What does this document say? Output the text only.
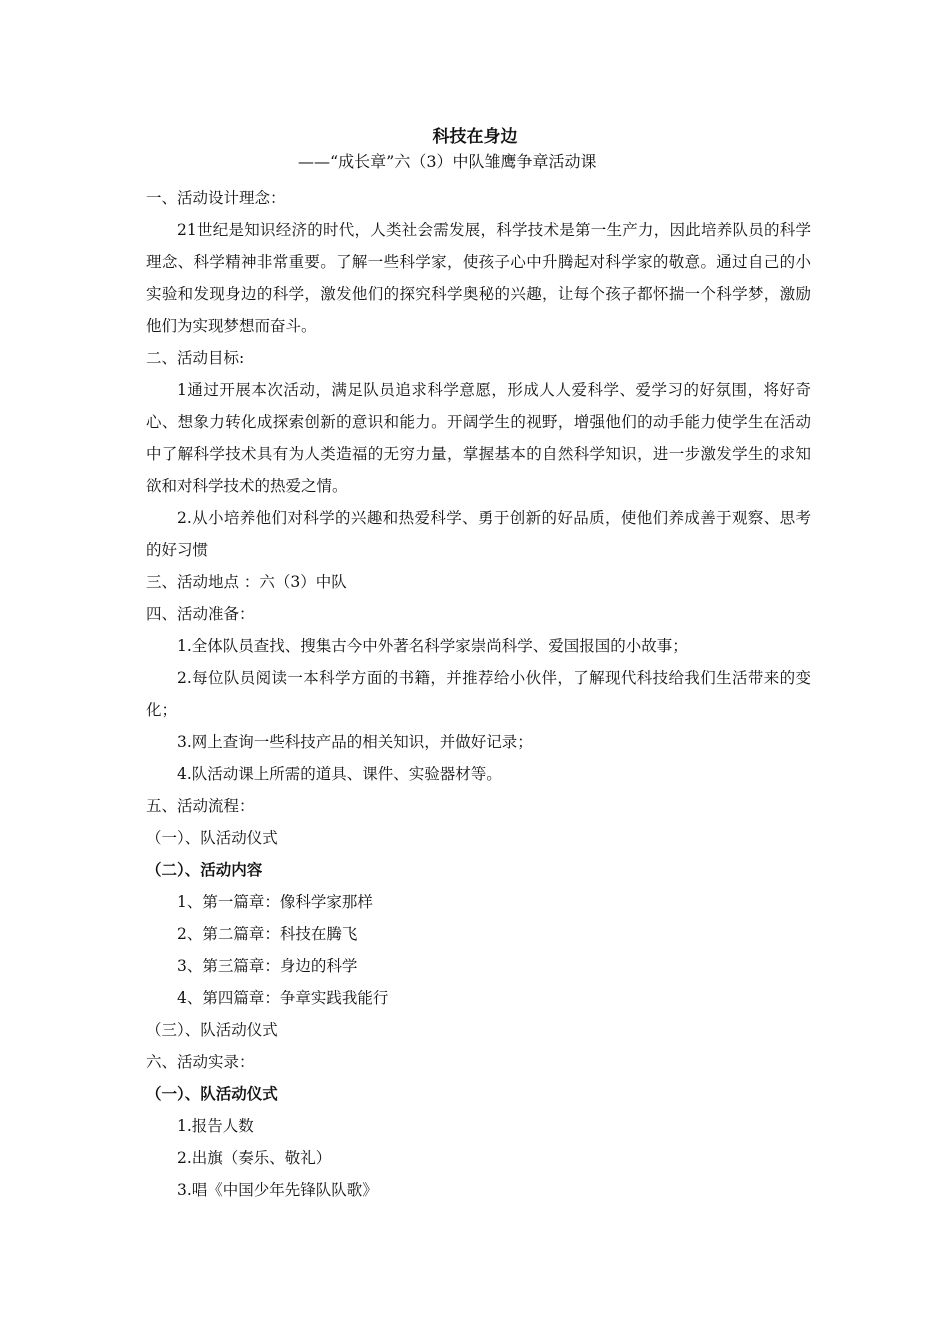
科技在身边
——“成长章”六（3）中队雏鹰争章活动课
一、活动设计理念：
21世纪是知识经济的时代，人类社会需发展，科学技术是第一生产力，因此培养队员的科学理念、科学精神非常重要。了解一些科学家，使孩子心中升腾起对科学家的敬意。通过自己的小实验和发现身边的科学，激发他们的探究科学奥秘的兴趣，让每个孩子都怀揣一个科学梦，激励他们为实现梦想而奋斗。
二、活动目标:
1通过开展本次活动，满足队员追求科学意愿，形成人人爱科学、爱学习的好氛围，将好奇心、想象力转化成探索创新的意识和能力。开阔学生的视野，增强他们的动手能力使学生在活动中了解科学技术具有为人类造福的无穷力量，掌握基本的自然科学知识，进一步激发学生的求知欲和对科学技术的热爱之情。
2.从小培养他们对科学的兴趣和热爱科学、勇于创新的好品质，使他们养成善于观察、思考的好习惯
三、活动地点 ：六（3）中队
四、活动准备：
1.全体队员查找、搜集古今中外著名科学家崇尚科学、爱国报国的小故事；
2.每位队员阅读一本科学方面的书籍，并推荐给小伙伴，了解现代科技给我们生活带来的变化；
3.网上查询一些科技产品的相关知识，并做好记录；
4.队活动课上所需的道具、课件、实验器材等。
五、活动流程：
（一）、队活动仪式
（二）、活动内容
1、第一篇章：像科学家那样
2、第二篇章：科技在腾飞
3、第三篇章：身边的科学
4、第四篇章：争章实践我能行
（三）、队活动仪式
六、活动实录：
（一）、队活动仪式
1.报告人数
2.出旗（奏乐、敬礼）
3.唱《中国少年先锋队队歌》
